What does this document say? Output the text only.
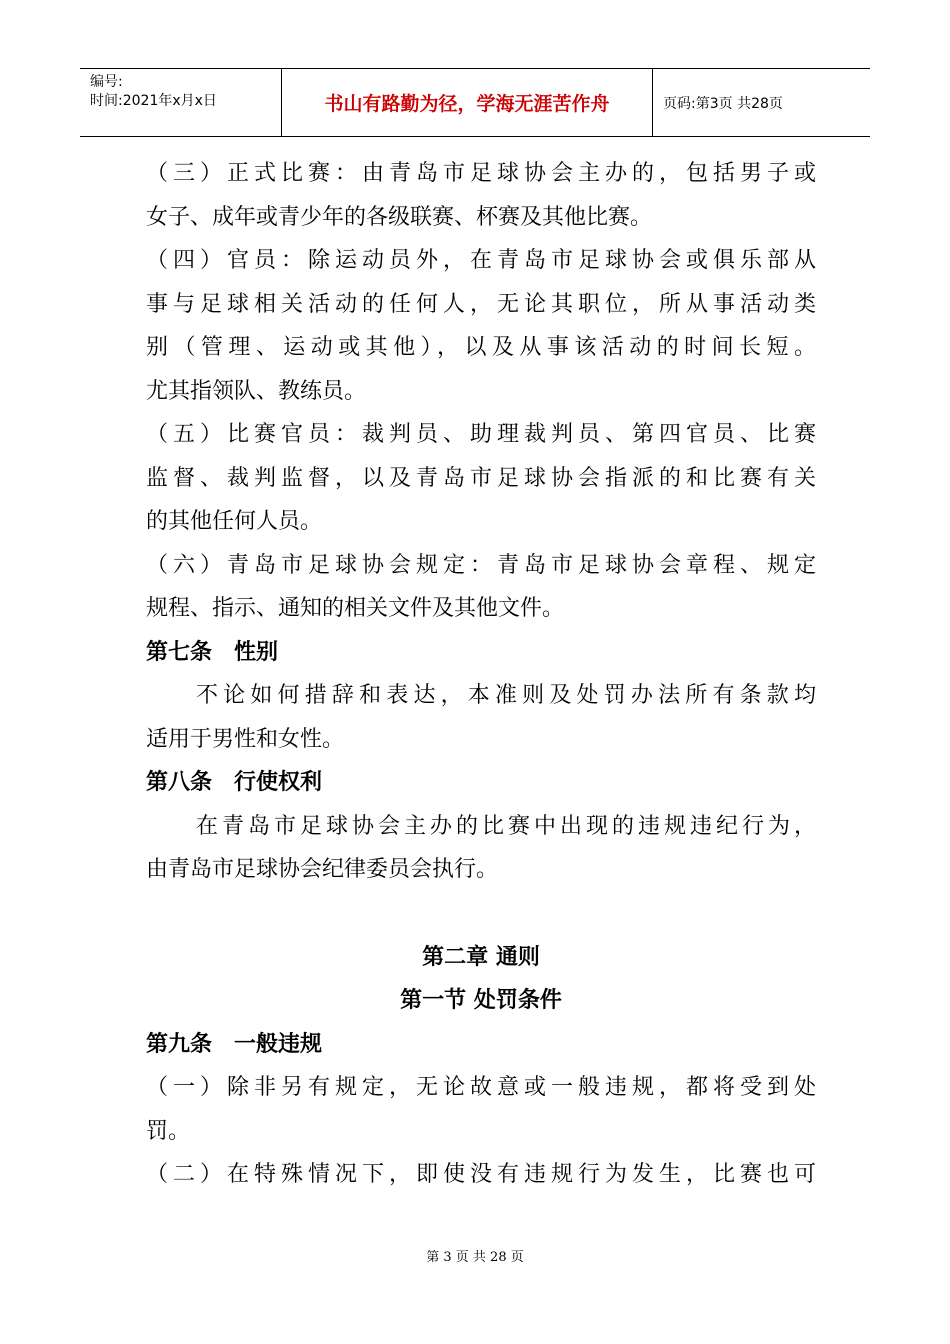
编号:
时间:2021年x月x日	书山有路勤为径，学海无涯苦作舟	页码:第3页 共28页
（三）正式比赛：由青岛市足球协会主办的，包括男子或
女子、成年或青少年的各级联赛、杯赛及其他比赛。
（四）官员：除运动员外，在青岛市足球协会或俱乐部从
事与足球相关活动的任何人，无论其职位，所从事活动类
别（管理、运动或其他），以及从事该活动的时间长短。
尤其指领队、教练员。
（五）比赛官员：裁判员、助理裁判员、第四官员、比赛
监督、裁判监督，以及青岛市足球协会指派的和比赛有关
的其他任何人员。
（六）青岛市足球协会规定：青岛市足球协会章程、规定
规程、指示、通知的相关文件及其他文件。
第七条　性别
不论如何措辞和表达，本准则及处罚办法所有条款均
适用于男性和女性。
第八条　行使权利
在青岛市足球协会主办的比赛中出现的违规违纪行为，
由青岛市足球协会纪律委员会执行。
第二章 通则
第一节 处罚条件
第九条　一般违规
（一）除非另有规定，无论故意或一般违规，都将受到处
罚。
（二）在特殊情况下，即使没有违规行为发生，比赛也可
第 3 页 共 28 页
